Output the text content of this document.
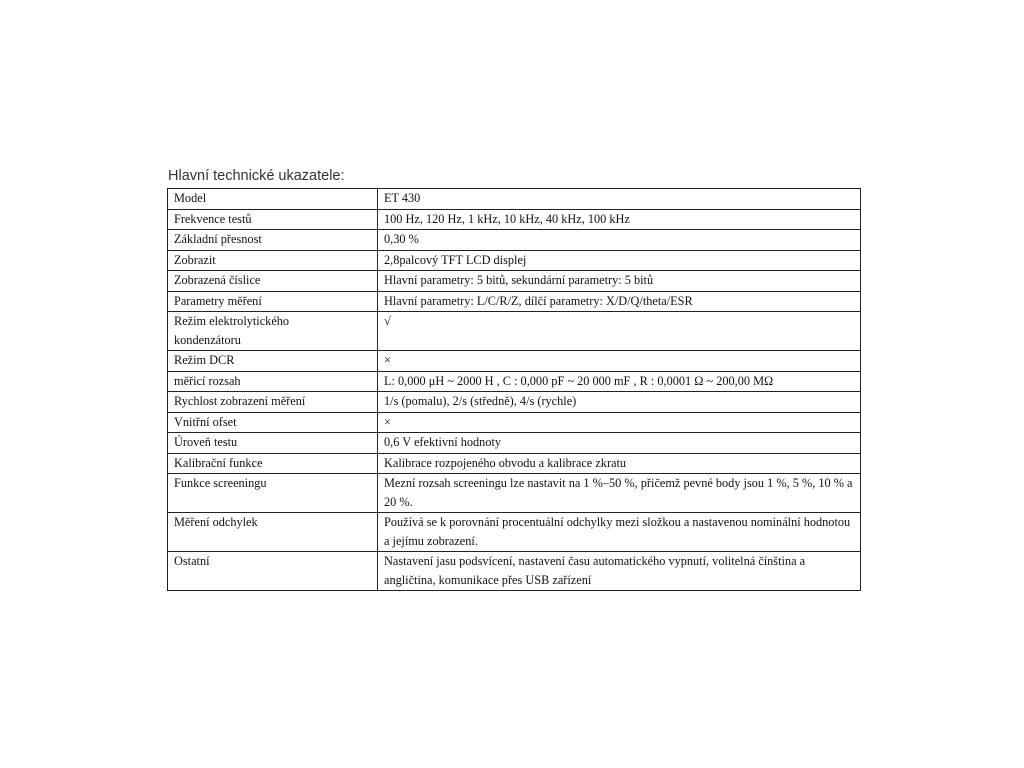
Hlavní technické ukazatele:
Model	ET 430
Frekvence testů	100 Hz, 120 Hz, 1 kHz, 10 kHz, 40 kHz, 100 kHz
Základní přesnost	0,30 %
Zobrazit	2,8palcový TFT LCD displej
Zobrazená číslice	Hlavní parametry: 5 bitů, sekundární parametry: 5 bitů
Parametry měření	Hlavní parametry: L/C/R/Z, dílčí parametry: X/D/Q/theta/ESR
Režim elektrolytického kondenzátoru	√
Režim DCR	×
měřicí rozsah	L: 0,000 μH ~ 2000 H , C : 0,000 pF ~ 20 000 mF , R : 0,0001 Ω ~ 200,00 MΩ
Rychlost zobrazení měření	1/s (pomalu), 2/s (středně), 4/s (rychle)
Vnitřní ofset	×
Úroveň testu	0,6 V efektivní hodnoty
Kalibrační funkce	Kalibrace rozpojeného obvodu a kalibrace zkratu
Funkce screeningu	Mezní rozsah screeningu lze nastavit na 1 %–50 %, přičemž pevné body jsou 1 %, 5 %, 10 % a 20 %.
Měření odchylek	Používá se k porovnání procentuální odchylky mezi složkou a nastavenou nominální hodnotou a jejímu zobrazení.
Ostatní	Nastavení jasu podsvícení, nastavení času automatického vypnutí, volitelná čínština a angličtina, komunikace přes USB zařízení
